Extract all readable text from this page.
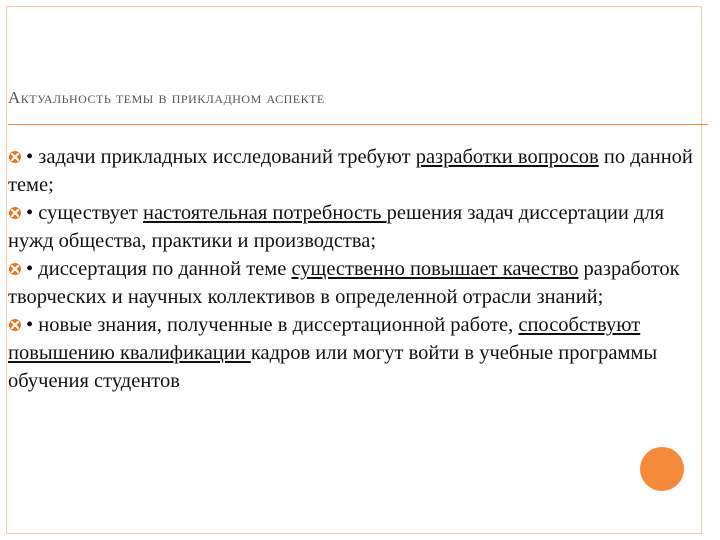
Актуальность темы в прикладном аспекте
• задачи прикладных исследований требуют разработки вопросов по данной теме;
• существует настоятельная потребность решения задач диссертации для нужд общества, практики и производства;
• диссертация по данной теме существенно повышает качество разработок творческих и научных коллективов в определенной отрасли знаний;
• новые знания, полученные в диссертационной работе, способствуют повышению квалификации кадров или могут войти в учебные программы обучения студентов
